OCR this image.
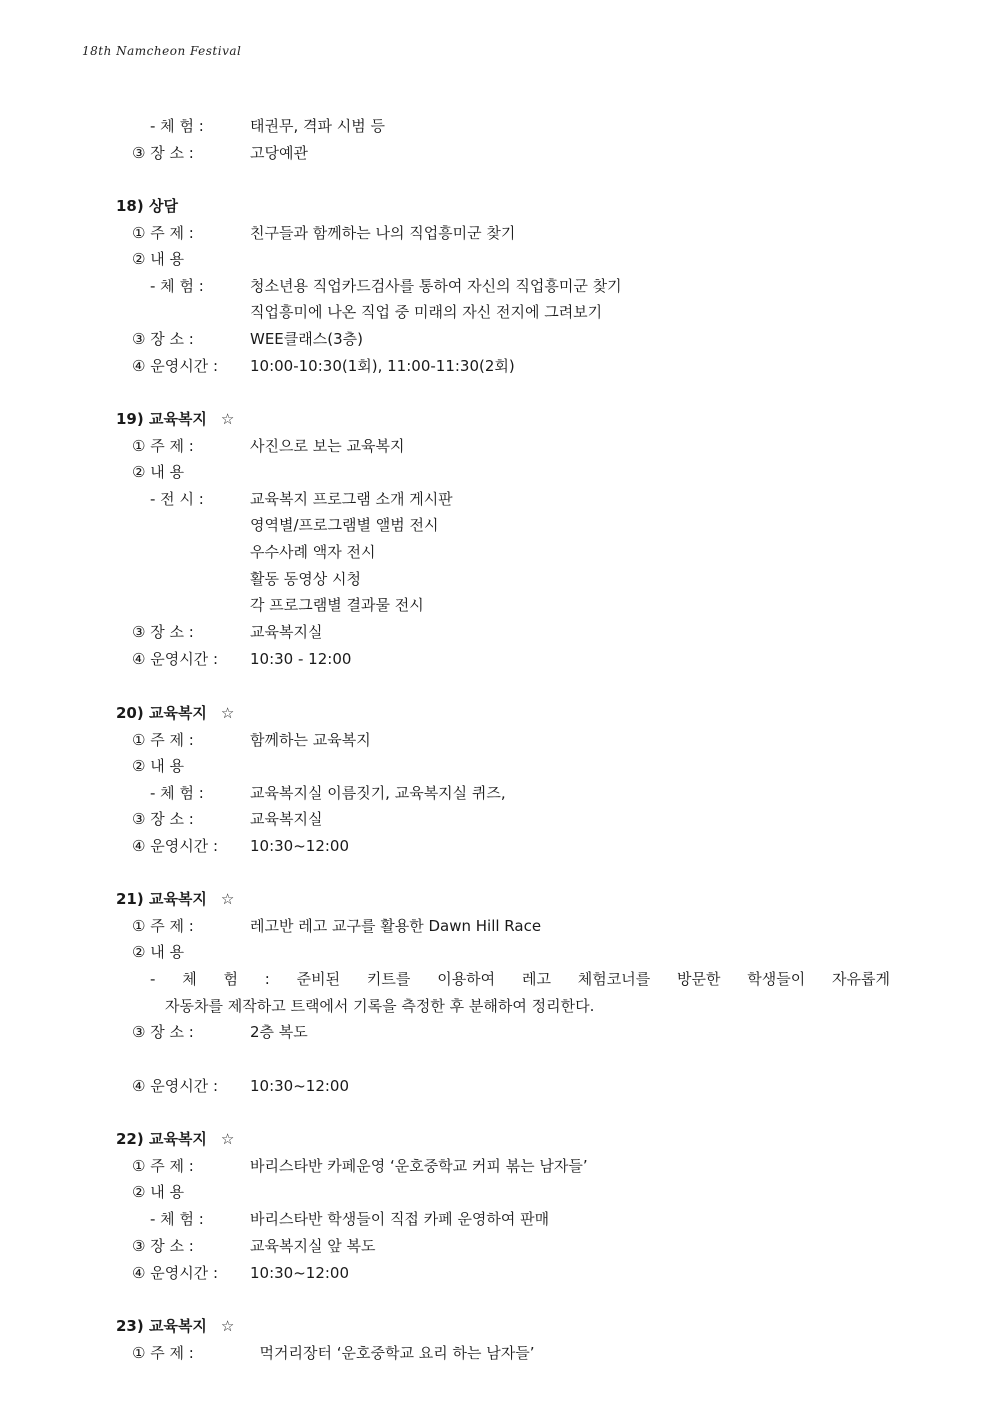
18th Namcheon Festival
- 체 험 :	태권무, 격파 시범 등
③ 장 소 :	고당예관
18) 상담
① 주 제 :	친구들과 함께하는 나의 직업흥미군 찾기
② 내 용
- 체 험 :	청소년용 직업카드검사를 통하여 자신의 직업흥미군 찾기
직업흥미에 나온 직업 중 미래의 자신 전지에 그려보기
③ 장 소 :	WEE클래스(3층)
④ 운영시간 : 10:00-10:30(1회), 11:00-11:30(2회)
19) 교육복지 ☆
① 주 제 :	사진으로 보는 교육복지
② 내 용
- 전 시 :	교육복지 프로그램 소개 게시판
영역별/프로그램별 앨범 전시
우수사례 액자 전시
활동 동영상 시청
각 프로그램별 결과물 전시
③ 장 소 :	교육복지실
④ 운영시간 : 10:30 - 12:00
20) 교육복지 ☆
① 주 제 :	함께하는 교육복지
② 내 용
- 체 험 :	교육복지실 이름짓기, 교육복지실 퀴즈,
③ 장 소 :	교육복지실
④ 운영시간 : 10:30~12:00
21) 교육복지 ☆
① 주 제 :	레고반 레고 교구를 활용한 Dawn Hill Race
② 내 용
- 체 험 : 준비된 키트를 이용하여 레고 체험코너를 방문한 학생들이 자유롭게
자동차를 제작하고 트랙에서 기록을 측정한 후 분해하여 정리한다.
③ 장 소 :	2층 복도
④ 운영시간 : 10:30~12:00
22) 교육복지 ☆
① 주 제 :	바리스타반 카페운영 ‘운호중학교 커피 볶는 남자들’
② 내 용
- 체 험 :	바리스타반 학생들이 직접 카페 운영하여 판매
③ 장 소 :	교육복지실 앞 복도
④ 운영시간 : 10:30~12:00
23) 교육복지 ☆
① 주 제 :	먹거리장터 ‘운호중학교 요리 하는 남자들’
